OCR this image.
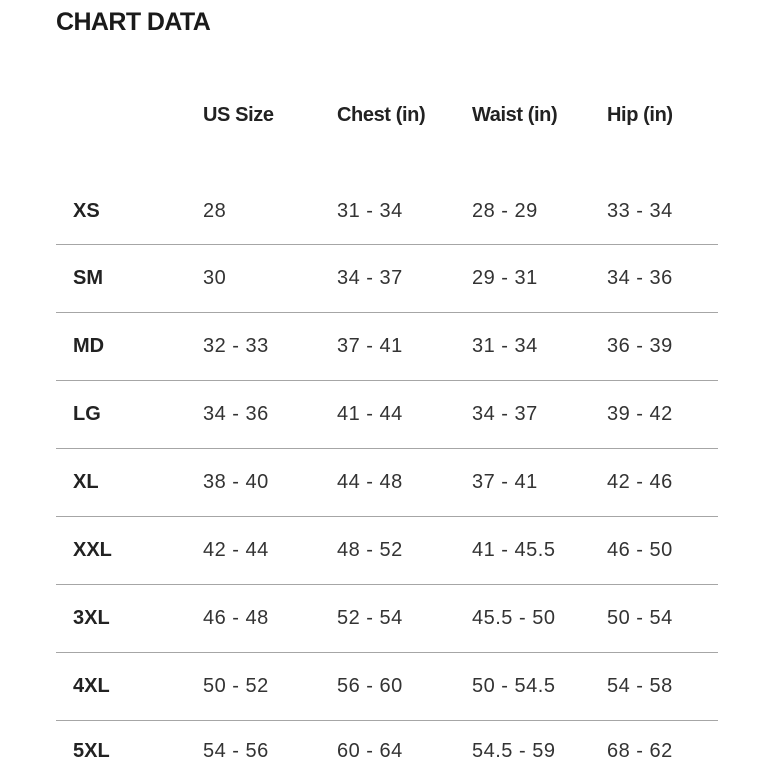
CHART DATA
	US Size	Chest (in)	Waist (in)	Hip (in)
XS	28	31 - 34	28 - 29	33 - 34
SM	30	34 - 37	29 - 31	34 - 36
MD	32 - 33	37 - 41	31 - 34	36 - 39
LG	34 - 36	41 - 44	34 - 37	39 - 42
XL	38 - 40	44 - 48	37 - 41	42 - 46
XXL	42 - 44	48 - 52	41 - 45.5	46 - 50
3XL	46 - 48	52 - 54	45.5 - 50	50 - 54
4XL	50 - 52	56 - 60	50 - 54.5	54 - 58
5XL	54 - 56	60 - 64	54.5 - 59	68 - 62
